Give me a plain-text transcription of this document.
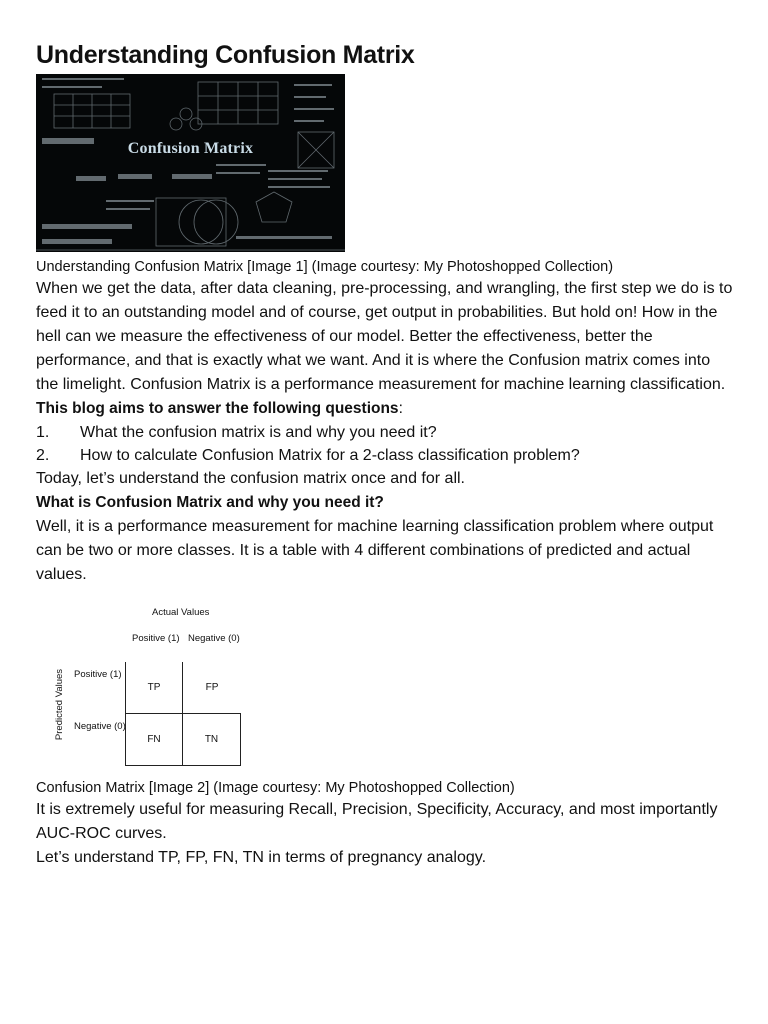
Understanding Confusion Matrix
Confusion Matrix
Understanding Confusion Matrix [Image 1] (Image courtesy: My Photoshopped Collection)

When we get the data, after data cleaning, pre-processing, and wrangling, the first step we do is to feed it to an outstanding model and of course, get output in probabilities. But hold on! How in the hell can we measure the effectiveness of our model. Better the effectiveness, better the performance, and that is exactly what we want. And it is where the Confusion matrix comes into the limelight. Confusion Matrix is a performance measurement for machine learning classification.

This blog aims to answer the following questions:
1. What the confusion matrix is and why you need it?
2. How to calculate Confusion Matrix for a 2-class classification problem?

Today, let’s understand the confusion matrix once and for all.

What is Confusion Matrix and why you need it?

Well, it is a performance measurement for machine learning classification problem where output can be two or more classes. It is a table with 4 different combinations of predicted and actual values.

Actual Values
Positive (1) Negative (0)
Predicted Values Positive (1)
Negative (0)
TP	FP
FN	TN
Confusion Matrix [Image 2] (Image courtesy: My Photoshopped Collection)

It is extremely useful for measuring Recall, Precision, Specificity, Accuracy, and most importantly AUC-ROC curves.

Let’s understand TP, FP, FN, TN in terms of pregnancy analogy.
